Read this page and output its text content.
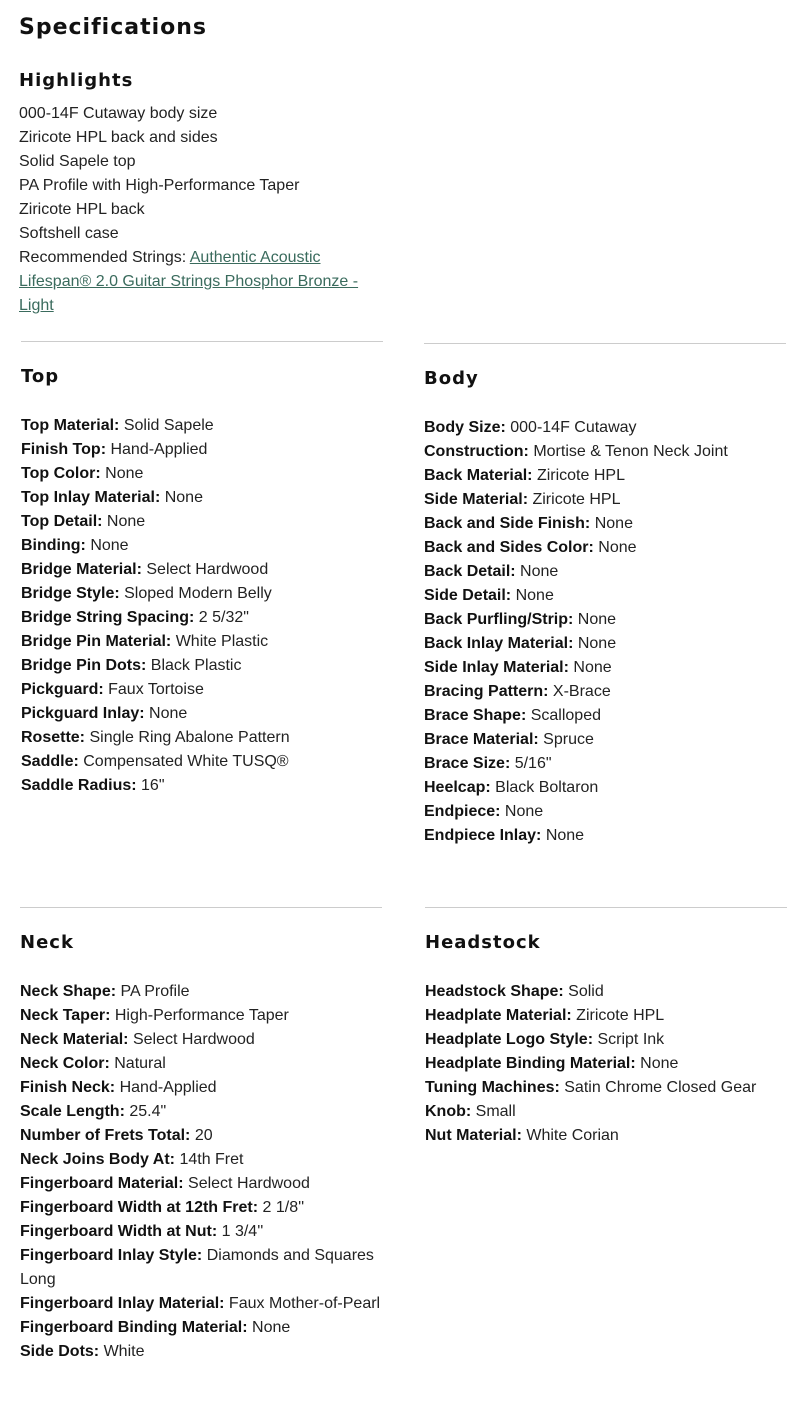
Specifications
Highlights
000-14F Cutaway body size
Ziricote HPL back and sides
Solid Sapele top
PA Profile with High-Performance Taper
Ziricote HPL back
Softshell case
Recommended Strings: Authentic Acoustic Lifespan® 2.0 Guitar Strings Phosphor Bronze - Light
Top
Top Material: Solid Sapele
Finish Top: Hand-Applied
Top Color: None
Top Inlay Material: None
Top Detail: None
Binding: None
Bridge Material: Select Hardwood
Bridge Style: Sloped Modern Belly
Bridge String Spacing: 2 5/32"
Bridge Pin Material: White Plastic
Bridge Pin Dots: Black Plastic
Pickguard: Faux Tortoise
Pickguard Inlay: None
Rosette: Single Ring Abalone Pattern
Saddle: Compensated White TUSQ®
Saddle Radius: 16"
Body
Body Size: 000-14F Cutaway
Construction: Mortise & Tenon Neck Joint
Back Material: Ziricote HPL
Side Material: Ziricote HPL
Back and Side Finish: None
Back and Sides Color: None
Back Detail: None
Side Detail: None
Back Purfling/Strip: None
Back Inlay Material: None
Side Inlay Material: None
Bracing Pattern: X-Brace
Brace Shape: Scalloped
Brace Material: Spruce
Brace Size: 5/16"
Heelcap: Black Boltaron
Endpiece: None
Endpiece Inlay: None
Neck
Neck Shape: PA Profile
Neck Taper: High-Performance Taper
Neck Material: Select Hardwood
Neck Color: Natural
Finish Neck: Hand-Applied
Scale Length: 25.4"
Number of Frets Total: 20
Neck Joins Body At: 14th Fret
Fingerboard Material: Select Hardwood
Fingerboard Width at 12th Fret: 2 1/8''
Fingerboard Width at Nut: 1 3/4''
Fingerboard Inlay Style: Diamonds and Squares Long
Fingerboard Inlay Material: Faux Mother-of-Pearl
Fingerboard Binding Material: None
Side Dots: White
Headstock
Headstock Shape: Solid
Headplate Material: Ziricote HPL
Headplate Logo Style: Script Ink
Headplate Binding Material: None
Tuning Machines: Satin Chrome Closed Gear
Knob: Small
Nut Material: White Corian
